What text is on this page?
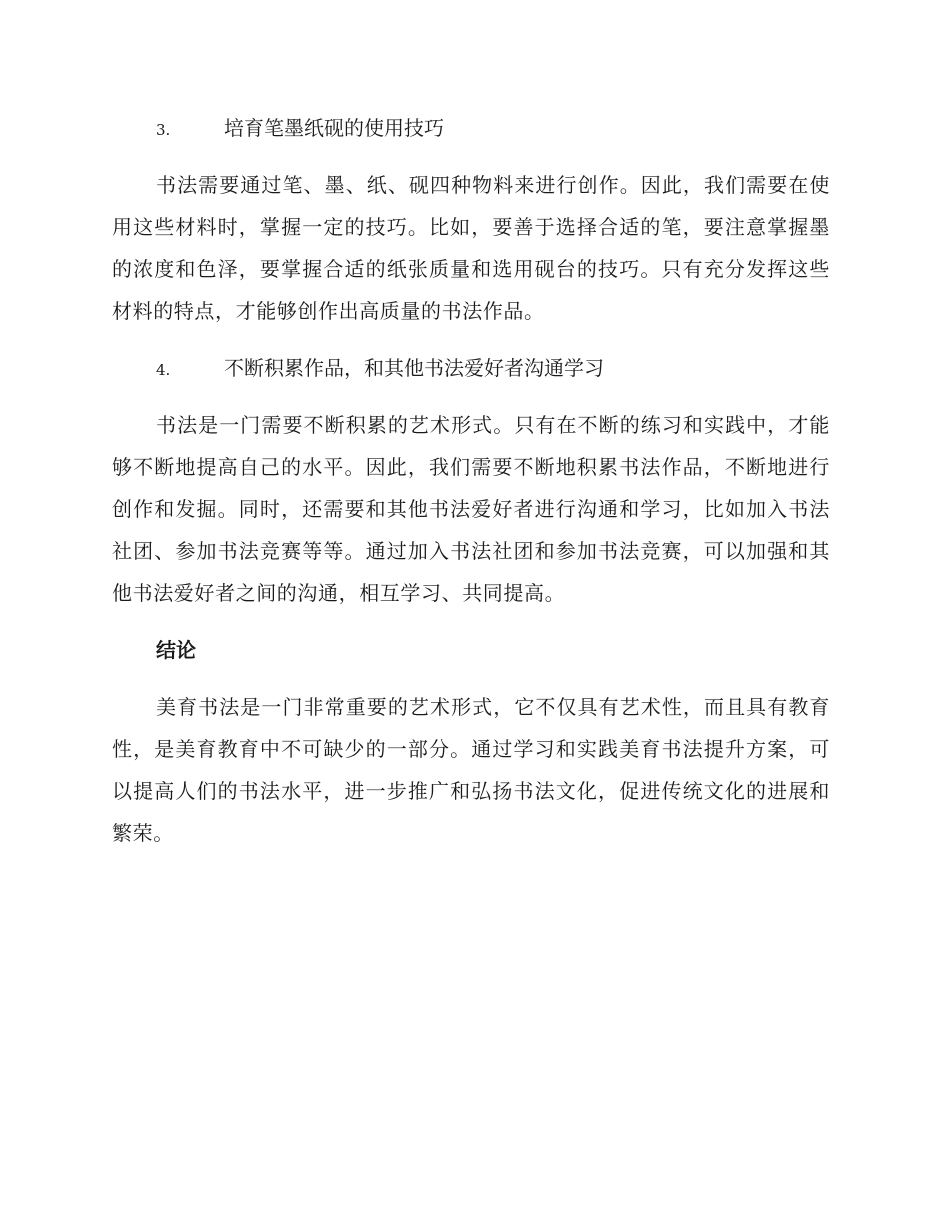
3.	培育笔墨纸砚的使用技巧

书法需要通过笔、墨、纸、砚四种物料来进行创作。因此，我们需要在使用这些材料时，掌握一定的技巧。比如，要善于选择合适的笔，要注意掌握墨的浓度和色泽，要掌握合适的纸张质量和选用砚台的技巧。只有充分发挥这些材料的特点，才能够创作出高质量的书法作品。

4.	不断积累作品，和其他书法爱好者沟通学习

书法是一门需要不断积累的艺术形式。只有在不断的练习和实践中，才能够不断地提高自己的水平。因此，我们需要不断地积累书法作品，不断地进行创作和发掘。同时，还需要和其他书法爱好者进行沟通和学习，比如加入书法社团、参加书法竞赛等等。通过加入书法社团和参加书法竞赛，可以加强和其他书法爱好者之间的沟通，相互学习、共同提高。

结论

美育书法是一门非常重要的艺术形式，它不仅具有艺术性，而且具有教育性，是美育教育中不可缺少的一部分。通过学习和实践美育书法提升方案，可以提高人们的书法水平，进一步推广和弘扬书法文化，促进传统文化的进展和繁荣。
